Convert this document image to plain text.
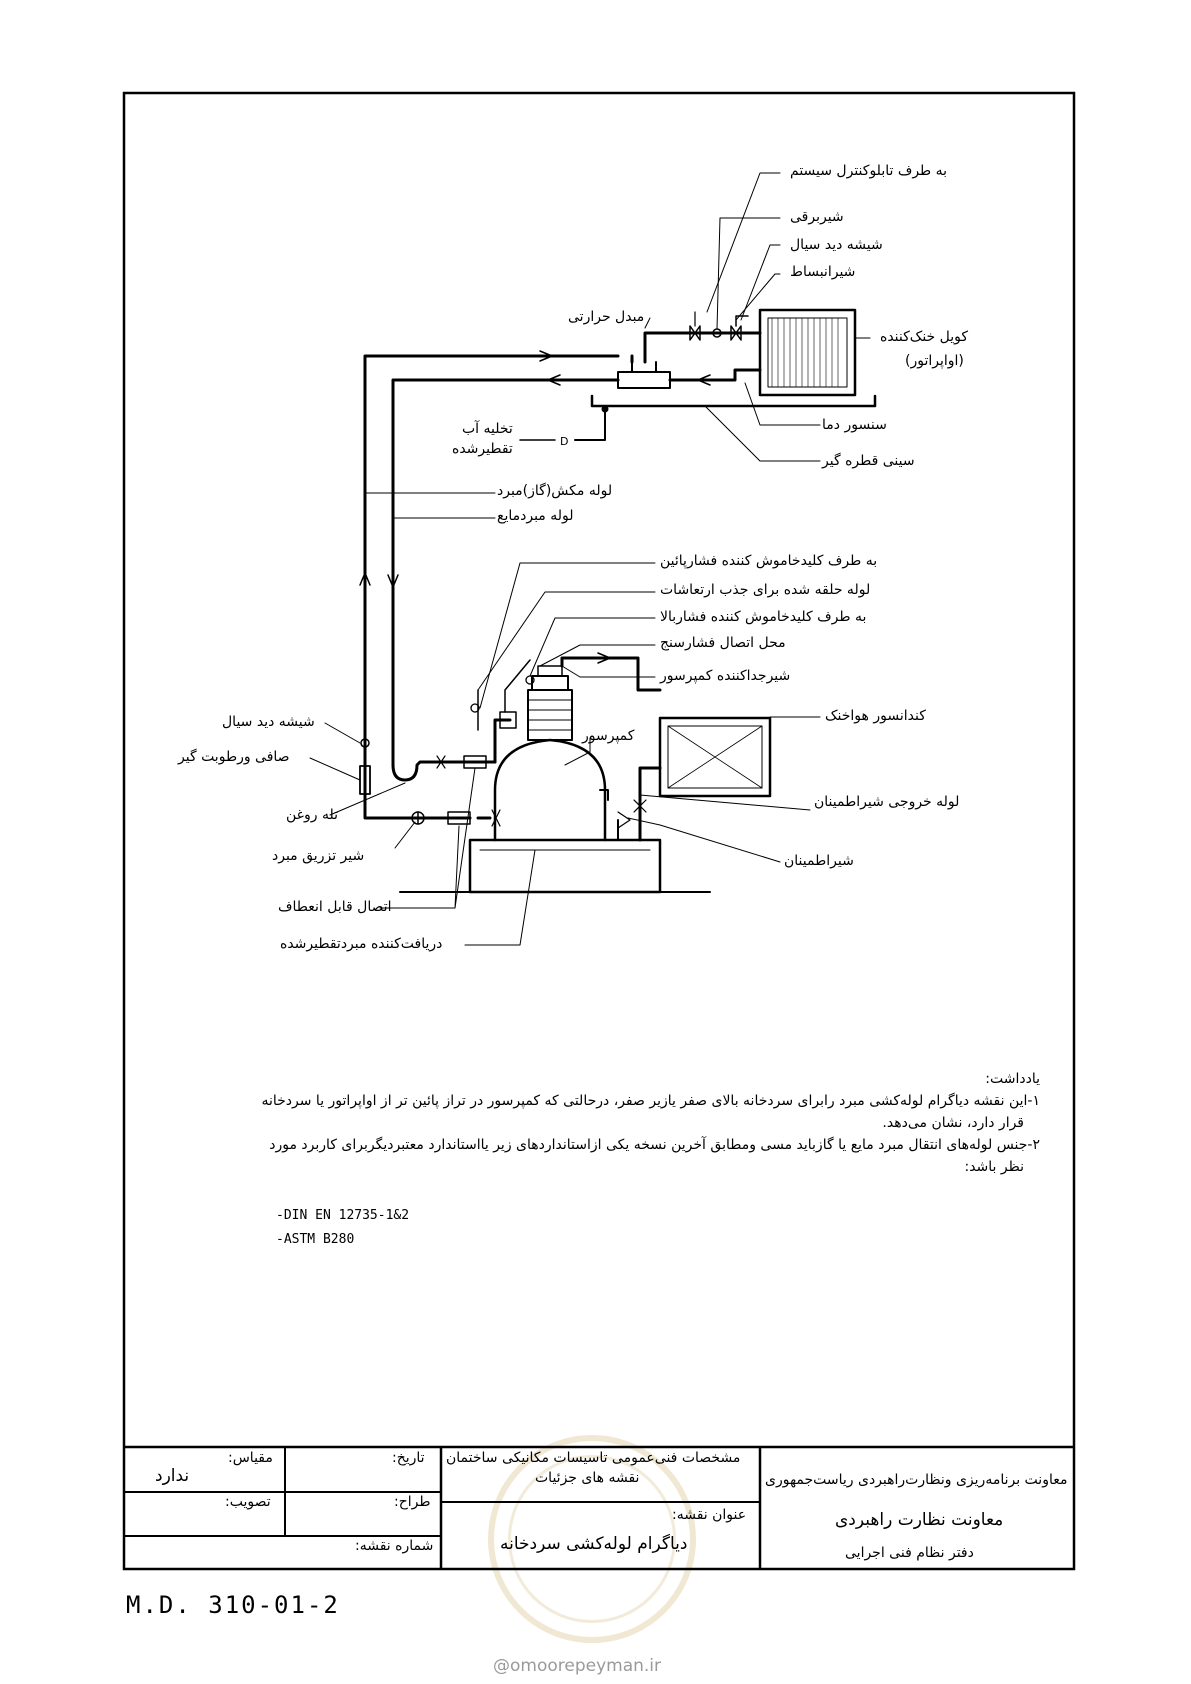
D
به طرف تابلوکنترل سیستم
شیربرقی
شیشه دید سیال
شیرانبساط
مبدل حرارتی
کویل خنک‌کننده
(اواپراتور)
تخلیه آب
تقطیرشده
سنسور دما
سینی قطره گیر
لوله مکش(گاز)مبرد
لوله مبردمایع
به طرف کلیدخاموش کننده فشارپائین
لوله حلقه شده برای جذب ارتعاشات
به طرف کلیدخاموش کننده فشاربالا
محل اتصال فشارسنج
شیرجداکننده کمپرسور
کندانسور هواخنک
کمپرسور
لوله خروجی شیراطمینان
شیراطمینان
شیشه دید سیال
صافی ورطوبت گیر
تله روغن
شیر تزریق مبرد
اتصال قابل انعطاف
دریافت‌کننده مبردتقطیرشده

یادداشت:

۱-این نقشه دیاگرام لوله‌کشی مبرد رابرای سردخانه بالای صفر یازیر صفر، درحالتی که کمپرسور در تراز پائین تر از اواپراتور یا سردخانه

قرار دارد، نشان می‌دهد.

۲-جنس لوله‌های انتقال مبرد مایع یا گازباید مسی ومطابق آخرین نسخه یکی ازاستانداردهای زیر یااستاندارد معتبردیگربرای کاربرد مورد

نظر باشد:

-DIN EN 12735-1&2
-ASTM B280
مقیاس:
ندارد
تاریخ:
تصویب:	طراح:
شماره نقشه:
M.D. 310-01-2
مشخصات فنی‌عمومی تاسیسات مکانیکی ساختمان
نقشه های جزئیات
عنوان نقشه:
دیاگرام لوله‌کشی سردخانه
معاونت برنامه‌ریزی ونظارت‌راهبردی ریاست‌جمهوری
معاونت نظارت راهبردی
دفتر نظام فنی اجرایی
@omoorepeyman.ir
